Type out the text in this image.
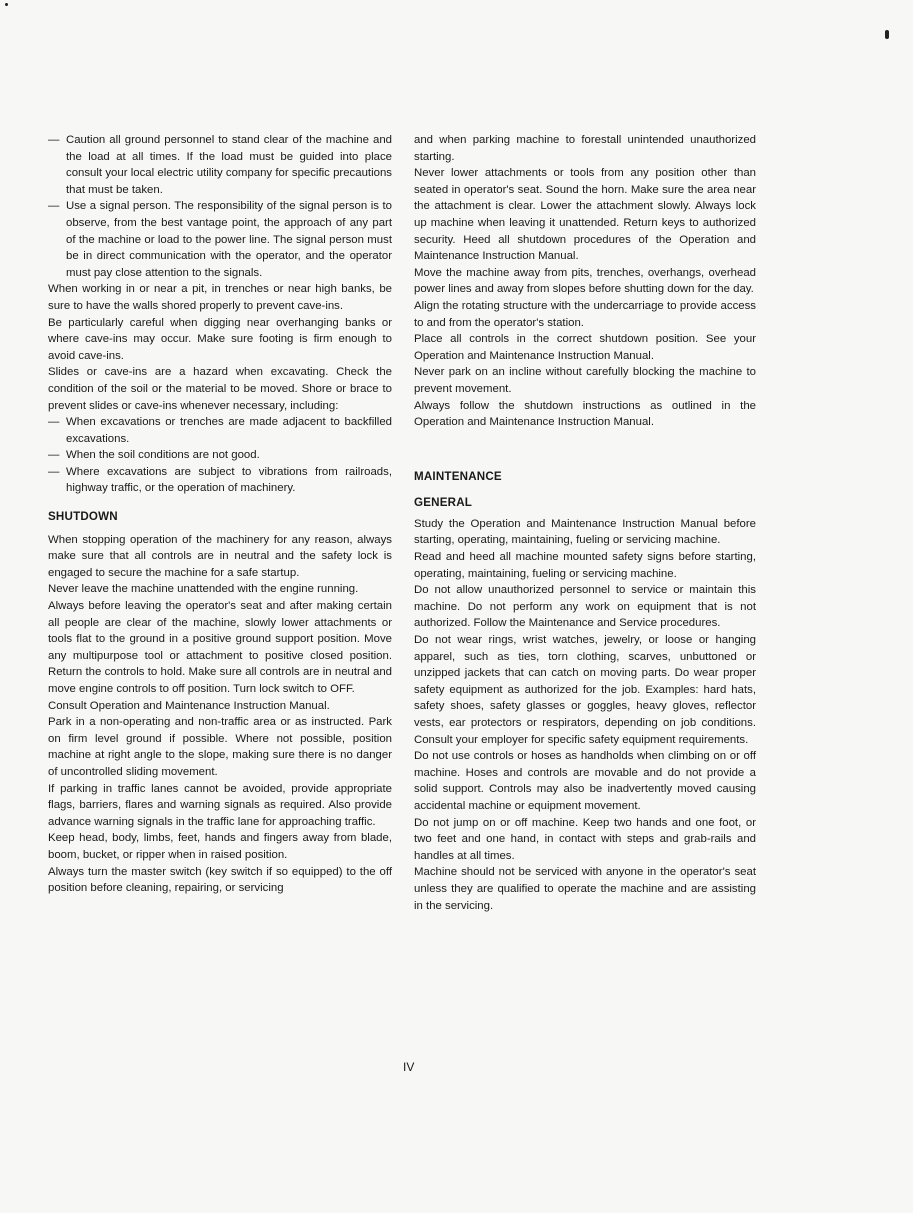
— Caution all ground personnel to stand clear of the machine and the load at all times. If the load must be guided into place consult your local electric utility company for specific precautions that must be taken.
— Use a signal person. The responsibility of the signal person is to observe, from the best vantage point, the approach of any part of the machine or load to the power line. The signal person must be in direct communication with the operator, and the operator must pay close attention to the signals.

When working in or near a pit, in trenches or near high banks, be sure to have the walls shored properly to prevent cave-ins.

Be particularly careful when digging near overhanging banks or where cave-ins may occur. Make sure footing is firm enough to avoid cave-ins.

Slides or cave-ins are a hazard when excavating. Check the condition of the soil or the material to be moved. Shore or brace to prevent slides or cave-ins whenever necessary, including:

— When excavations or trenches are made adjacent to backfilled excavations.
— When the soil conditions are not good.
— Where excavations are subject to vibrations from railroads, highway traffic, or the operation of machinery.
SHUTDOWN

When stopping operation of the machinery for any reason, always make sure that all controls are in neutral and the safety lock is engaged to secure the machine for a safe startup.

Never leave the machine unattended with the engine running.

Always before leaving the operator's seat and after making certain all people are clear of the machine, slowly lower attachments or tools flat to the ground in a positive ground support position. Move any multipurpose tool or attachment to positive closed position. Return the controls to hold. Make sure all controls are in neutral and move engine controls to off position. Turn lock switch to OFF.

Consult Operation and Maintenance Instruction Manual.

Park in a non-operating and non-traffic area or as instructed. Park on firm level ground if possible. Where not possible, position machine at right angle to the slope, making sure there is no danger of uncontrolled sliding movement.

If parking in traffic lanes cannot be avoided, provide appropriate flags, barriers, flares and warning signals as required. Also provide advance warning signals in the traffic lane for approaching traffic.

Keep head, body, limbs, feet, hands and fingers away from blade, boom, bucket, or ripper when in raised position.

Always turn the master switch (key switch if so equipped) to the off position before cleaning, repairing, or servicing

and when parking machine to forestall unintended unauthorized starting.

Never lower attachments or tools from any position other than seated in operator's seat. Sound the horn. Make sure the area near the attachment is clear. Lower the attachment slowly. Always lock up machine when leaving it unattended. Return keys to authorized security. Heed all shutdown procedures of the Operation and Maintenance Instruction Manual.

Move the machine away from pits, trenches, overhangs, overhead power lines and away from slopes before shutting down for the day.

Align the rotating structure with the undercarriage to provide access to and from the operator's station.

Place all controls in the correct shutdown position. See your Operation and Maintenance Instruction Manual.

Never park on an incline without carefully blocking the machine to prevent movement.

Always follow the shutdown instructions as outlined in the Operation and Maintenance Instruction Manual.

MAINTENANCE
GENERAL

Study the Operation and Maintenance Instruction Manual before starting, operating, maintaining, fueling or servicing machine.

Read and heed all machine mounted safety signs before starting, operating, maintaining, fueling or servicing machine.

Do not allow unauthorized personnel to service or maintain this machine. Do not perform any work on equipment that is not authorized. Follow the Maintenance and Service procedures.

Do not wear rings, wrist watches, jewelry, or loose or hanging apparel, such as ties, torn clothing, scarves, unbuttoned or unzipped jackets that can catch on moving parts. Do wear proper safety equipment as authorized for the job. Examples: hard hats, safety shoes, safety glasses or goggles, heavy gloves, reflector vests, ear protectors or respirators, depending on job conditions. Consult your employer for specific safety equipment requirements.

Do not use controls or hoses as handholds when climbing on or off machine. Hoses and controls are movable and do not provide a solid support. Controls may also be inadvertently moved causing accidental machine or equipment movement.

Do not jump on or off machine. Keep two hands and one foot, or two feet and one hand, in contact with steps and grab-rails and handles at all times.

Machine should not be serviced with anyone in the operator's seat unless they are qualified to operate the machine and are assisting in the servicing.

IV
